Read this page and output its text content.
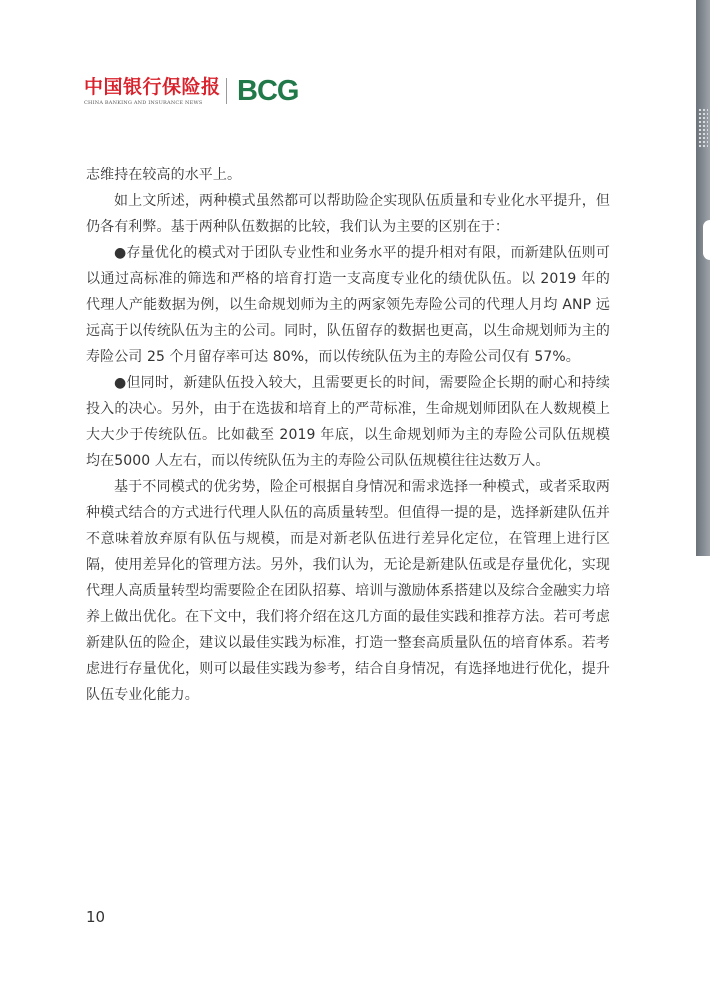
中国银行保险报
CHINA BANKING AND INSURANCE NEWS	BCG

志维持在较高的水平上。

如上文所述，两种模式虽然都可以帮助险企实现队伍质量和专业化水平提升，但仍各有利弊。基于两种队伍数据的比较，我们认为主要的区别在于：

●存量优化的模式对于团队专业性和业务水平的提升相对有限，而新建队伍则可以通过高标准的筛选和严格的培育打造一支高度专业化的绩优队伍。以 2019 年的代理人产能数据为例，以生命规划师为主的两家领先寿险公司的代理人月均 ANP 远远高于以传统队伍为主的公司。同时，队伍留存的数据也更高，以生命规划师为主的寿险公司 25 个月留存率可达 80%，而以传统队伍为主的寿险公司仅有 57%。

●但同时，新建队伍投入较大，且需要更长的时间，需要险企长期的耐心和持续投入的决心。另外，由于在选拔和培育上的严苛标准，生命规划师团队在人数规模上大大少于传统队伍。比如截至 2019 年底，以生命规划师为主的寿险公司队伍规模均在5000 人左右，而以传统队伍为主的寿险公司队伍规模往往达数万人。

基于不同模式的优劣势，险企可根据自身情况和需求选择一种模式，或者采取两种模式结合的方式进行代理人队伍的高质量转型。但值得一提的是，选择新建队伍并不意味着放弃原有队伍与规模，而是对新老队伍进行差异化定位，在管理上进行区隔，使用差异化的管理方法。另外，我们认为，无论是新建队伍或是存量优化，实现代理人高质量转型均需要险企在团队招募、培训与激励体系搭建以及综合金融实力培养上做出优化。在下文中，我们将介绍在这几方面的最佳实践和推荐方法。若可考虑新建队伍的险企，建议以最佳实践为标准，打造一整套高质量队伍的培育体系。若考虑进行存量优化，则可以最佳实践为参考，结合自身情况，有选择地进行优化，提升队伍专业化能力。

10
